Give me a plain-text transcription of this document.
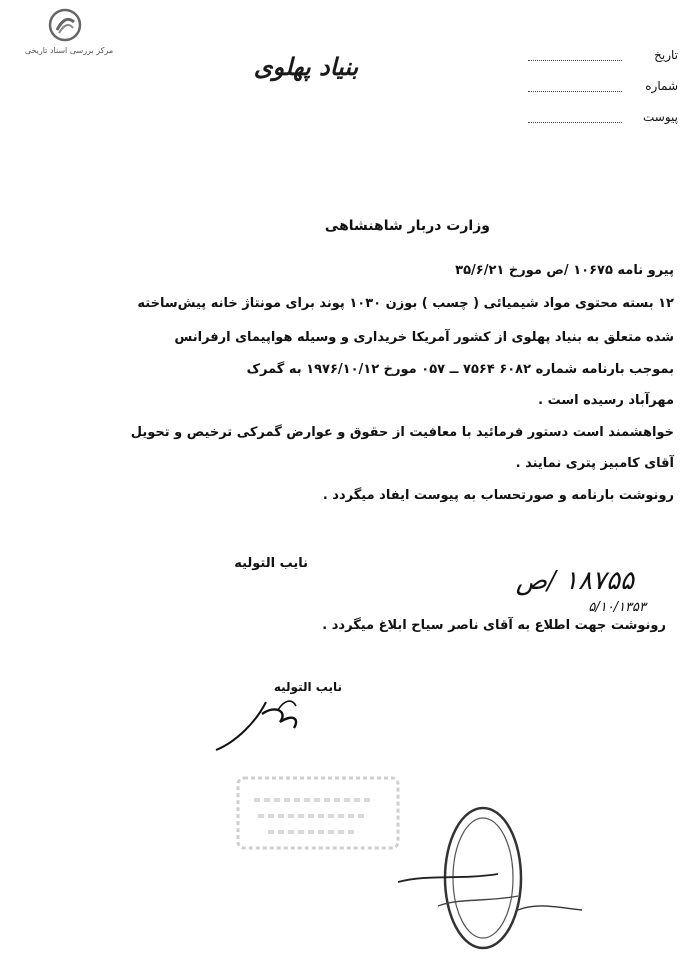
مرکز بررسی اسناد تاریخی
بنیاد پهلوی	تاریخ
شماره
پیوست
وزارت دربار شاهنشاهی
پیرو نامه ۱۰۶۷۵ /ص مورخ ۳۵/۶/۲۱
۱۲ بسته محتوی مواد شیمیائی ( چسب ) بوزن ۱۰۳۰ پوند برای مونتاژ خانه پیش‌ساخته
شده متعلق به بنیاد پهلوی از کشور آمریکا خریداری و وسیله هواپیمای ارفرانس
بموجب بارنامه شماره ۶۰۸۲ ۷۵۶۴ ــ ۰۵۷ مورخ ۱۹۷۶/۱۰/۱۲ به گمرک
مهرآباد رسیده است .
خواهشمند است دستور فرمائید با معافیت از حقوق و عوارض گمرکی ترخیص و تحویل
آقای کامبیز پتری نمایند .
رونوشت بارنامه و صورتحساب به پیوست ایفاد میگردد .
نایب التولیه
۱۸۷۵۵ /ص
۵/۱۰/۱۳۵۳
رونوشت جهت اطلاع به آقای ناصر سیاح ابلاغ میگردد .
نایب التولیه
